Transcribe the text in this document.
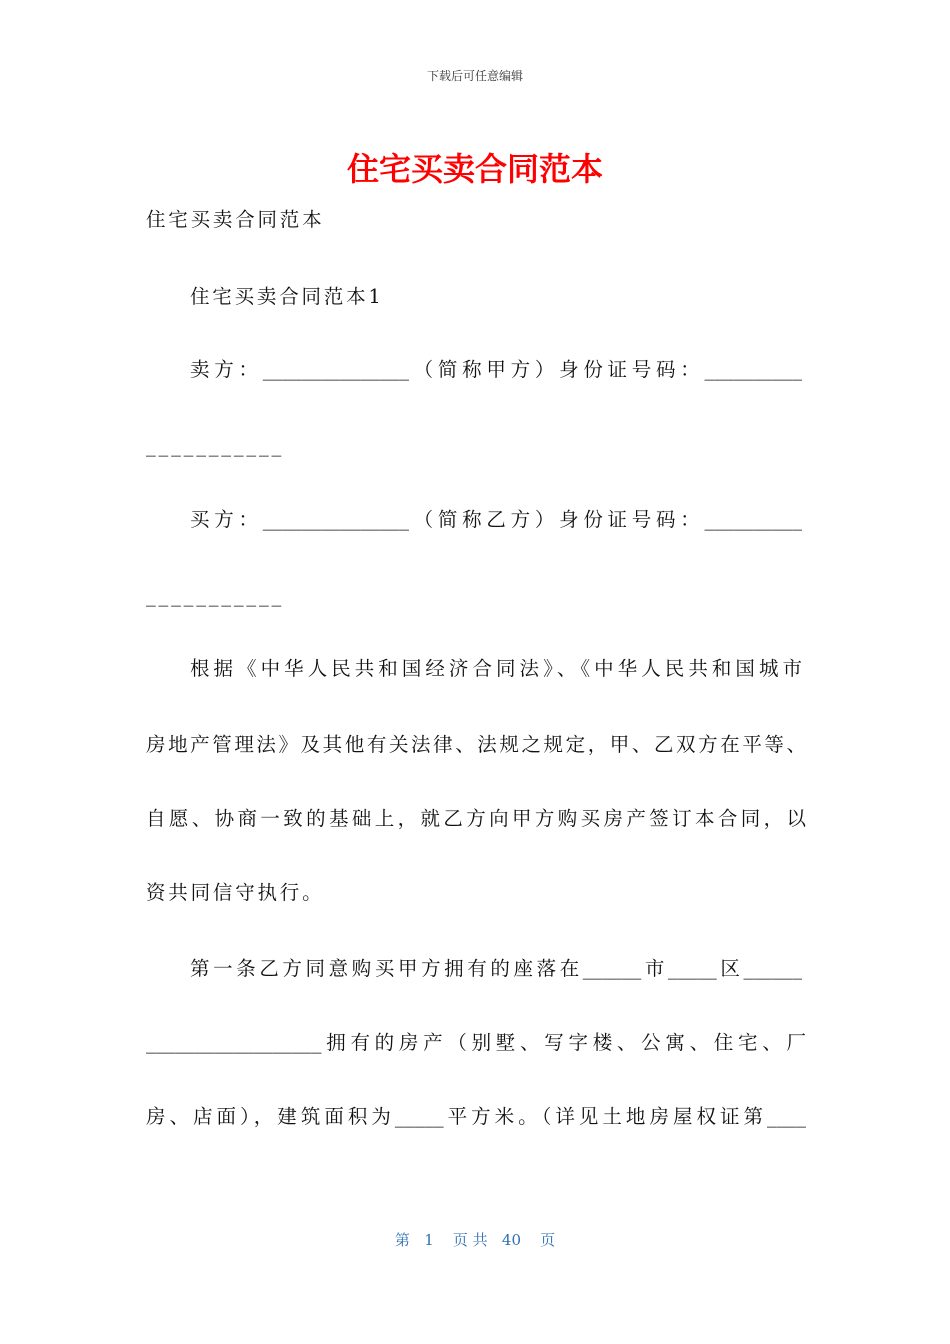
下载后可任意编辑
住宅买卖合同范本
住宅买卖合同范本
住宅买卖合同范本1
卖方：_______________（简称甲方）身份证号码：__________
___________
买方：_______________（简称乙方）身份证号码：__________
___________
根据《中华人民共和国经济合同法》、《中华人民共和国城市
房地产管理法》及其他有关法律、法规之规定，甲、乙双方在平等、
自愿、协商一致的基础上，就乙方向甲方购买房产签订本合同，以
资共同信守执行。
第一条乙方同意购买甲方拥有的座落在______市_____区______
__________________拥有的房产（别墅、写字楼、公寓、住宅、厂
房、店面），建筑面积为_____平方米。（详见土地房屋权证第____
第   1    页 共   40    页
